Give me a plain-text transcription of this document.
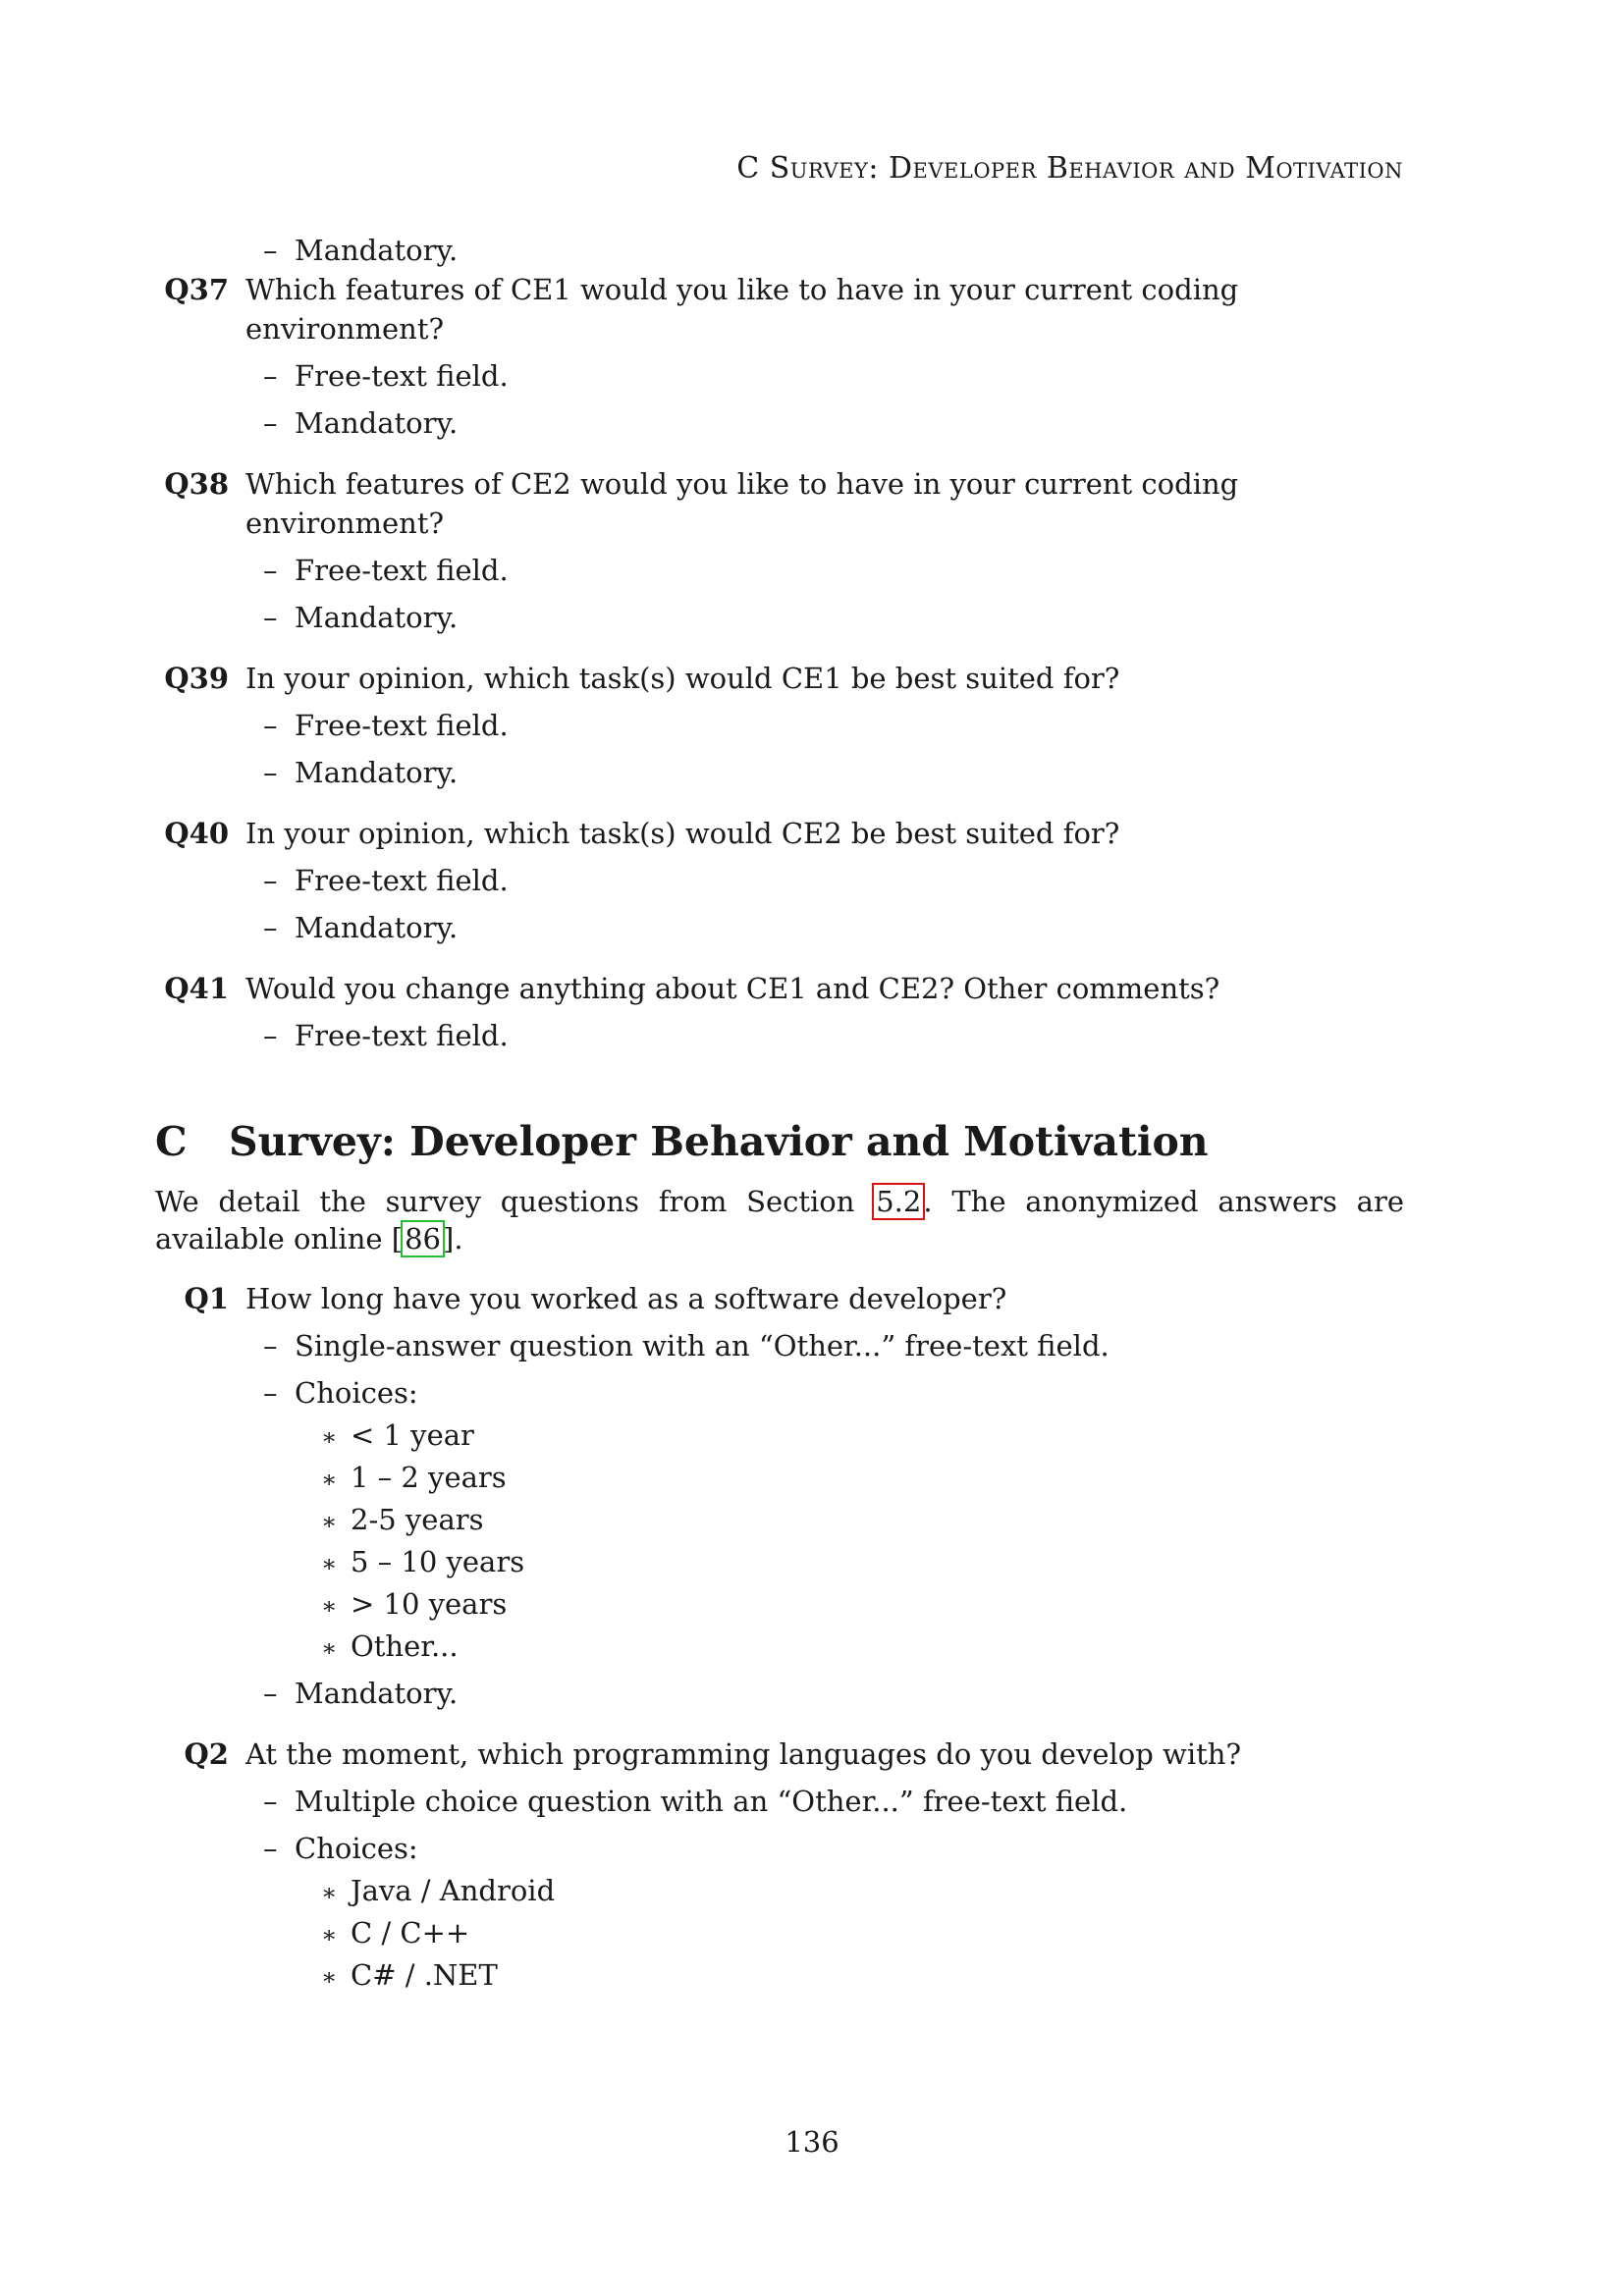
C Survey: Developer Behavior and Motivation
– Mandatory.
Q37 Which features of CE1 would you like to have in your current coding environment?
– Free-text field.
– Mandatory.
Q38 Which features of CE2 would you like to have in your current coding environment?
– Free-text field.
– Mandatory.
Q39 In your opinion, which task(s) would CE1 be best suited for?
– Free-text field.
– Mandatory.
Q40 In your opinion, which task(s) would CE2 be best suited for?
– Free-text field.
– Mandatory.
Q41 Would you change anything about CE1 and CE2? Other comments?
– Free-text field.
C	Survey: Developer Behavior and Motivation

We detail the survey questions from Section 5.2. The anonymized answers are available online [86].

Q1 How long have you worked as a software developer?
– Single-answer question with an “Other...” free-text field.
– Choices:
∗ < 1 year
∗ 1 – 2 years
∗ 2-5 years
∗ 5 – 10 years
∗ > 10 years
∗ Other...
– Mandatory.
Q2 At the moment, which programming languages do you develop with?
– Multiple choice question with an “Other...” free-text field.
– Choices:
∗ Java / Android
∗ C / C++
∗ C# / .NET
136
